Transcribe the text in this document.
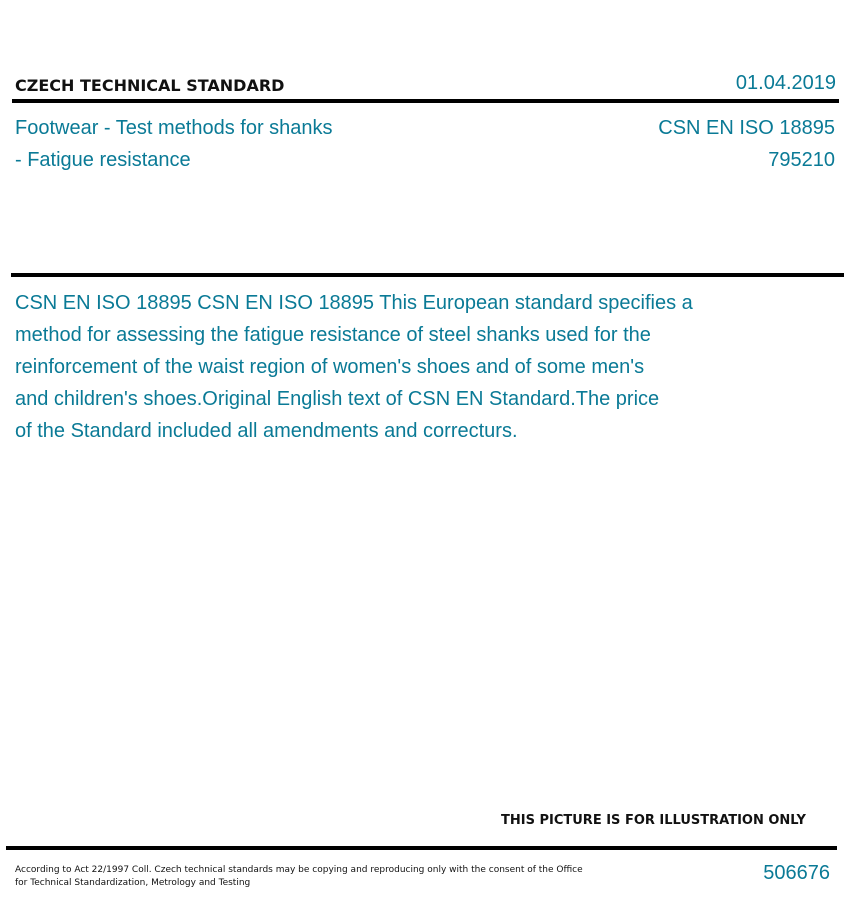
CZECH TECHNICAL STANDARD	01.04.2019
Footwear - Test methods for shanks
- Fatigue resistance
CSN EN ISO 18895
795210
CSN EN ISO 18895 CSN EN ISO 18895 This European standard specifies a
method for assessing the fatigue resistance of steel shanks used for the
reinforcement of the waist region of women's shoes and of some men's
and children's shoes.Original English text of CSN EN Standard.The price
of the Standard included all amendments and correcturs.
THIS PICTURE IS FOR ILLUSTRATION ONLY
According to Act 22/1997 Coll. Czech technical standards may be copying and reproducing only with the consent of the Office
for Technical Standardization, Metrology and Testing	506676
